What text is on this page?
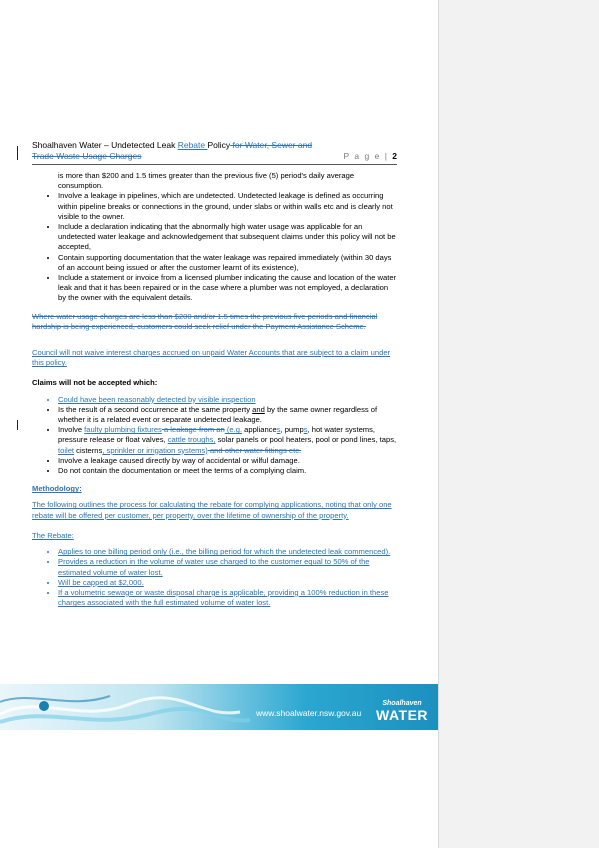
Shoalhaven Water – Undetected Leak Rebate Policy for Water, Sewer and
Trade Waste Usage Charges	P a g e | 2
is more than $200 and 1.5 times greater than the previous five (5) period's daily average consumption.
• Involve a leakage in pipelines, which are undetected. Undetected leakage is defined as occurring within pipeline breaks or connections in the ground, under slabs or within walls etc and is clearly not visible to the owner.
• Include a declaration indicating that the abnormally high water usage was applicable for an undetected water leakage and acknowledgement that subsequent claims under this policy will not be accepted,
• Contain supporting documentation that the water leakage was repaired immediately (within 30 days of an account being issued or after the customer learnt of its existence),
• Include a statement or invoice from a licensed plumber indicating the cause and location of the water leak and that it has been repaired or in the case where a plumber was not employed, a declaration by the owner with the equivalent details.

Where water usage charges are less than $200 and/or 1.5 times the previous five periods and financial hardship is being experienced, customers could seek relief under the Payment Assistance Scheme.

Council will not waive interest charges accrued on unpaid Water Accounts that are subject to a claim under this policy.

Claims will not be accepted which:
• Could have been reasonably detected by visible inspection
• Is the result of a second occurrence at the same property and by the same owner regardless of whether it is a related event or separate undetected leakage.
• Involve faulty plumbing fixtures a leakage from an (e.g. appliances, pumps, hot water systems, pressure release or float valves, cattle troughs, solar panels or pool heaters, pool or pond lines, taps, toilet cisterns, sprinkler or irrigation systems) and other water fittings etc.
• Involve a leakage caused directly by way of accidental or wilful damage.
• Do not contain the documentation or meet the terms of a complying claim.
Methodology:

The following outlines the process for calculating the rebate for complying applications, noting that only one rebate will be offered per customer, per property, over the lifetime of ownership of the property.

The Rebate:

• Applies to one billing period only (i.e., the billing period for which the undetected leak commenced).
• Provides a reduction in the volume of water use charged to the customer equal to 50% of the estimated volume of water lost.
• Will be capped at $2,000.
• If a volumetric sewage or waste disposal charge is applicable, providing a 100% reduction in these charges associated with the full estimated volume of water lost.
www.shoalwater.nsw.gov.au
Shoalhaven
WATER
